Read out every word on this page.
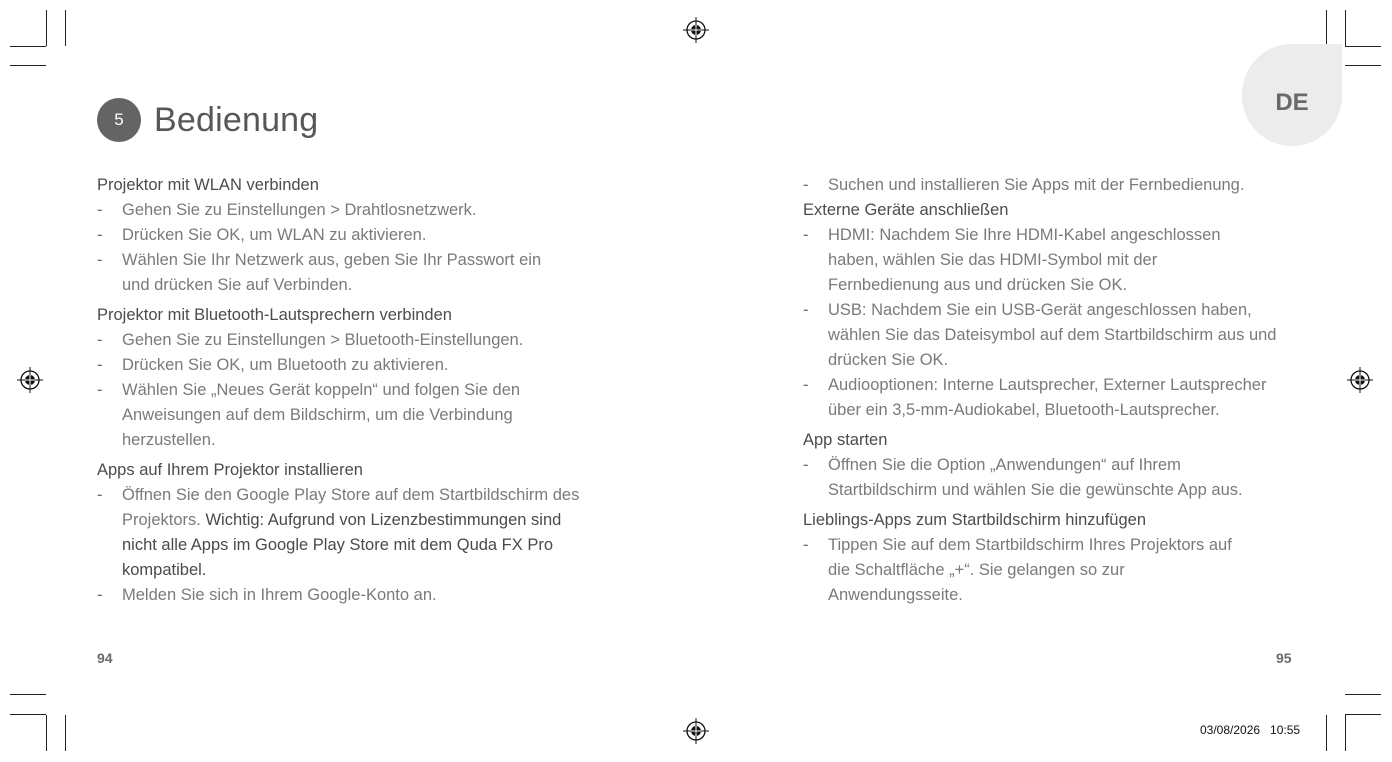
5 Bedienung	DE
Projektor mit WLAN verbinden
- Gehen Sie zu Einstellungen > Drahtlosnetzwerk.
- Drücken Sie OK, um WLAN zu aktivieren.
- Wählen Sie Ihr Netzwerk aus, geben Sie Ihr Passwort ein und drücken Sie auf Verbinden.
Projektor mit Bluetooth-Lautsprechern verbinden
- Gehen Sie zu Einstellungen > Bluetooth-Einstellungen.
- Drücken Sie OK, um Bluetooth zu aktivieren.
- Wählen Sie „Neues Gerät koppeln“ und folgen Sie den Anweisungen auf dem Bildschirm, um die Verbindung herzustellen.
Apps auf Ihrem Projektor installieren
- Öffnen Sie den Google Play Store auf dem Startbildschirm des Projektors. Wichtig: Aufgrund von Lizenzbestimmungen sind nicht alle Apps im Google Play Store mit dem Quda FX Pro kompatibel.
- Melden Sie sich in Ihrem Google-Konto an.
- Suchen und installieren Sie Apps mit der Fernbedienung.
Externe Geräte anschließen
- HDMI: Nachdem Sie Ihre HDMI-Kabel angeschlossen haben, wählen Sie das HDMI-Symbol mit der Fernbedienung aus und drücken Sie OK.
- USB: Nachdem Sie ein USB-Gerät angeschlossen haben, wählen Sie das Dateisymbol auf dem Startbildschirm aus und drücken Sie OK.
- Audiooptionen: Interne Lautsprecher, Externer Lautsprecher über ein 3,5-mm-Audiokabel, Bluetooth-Lautsprecher.
App starten
- Öffnen Sie die Option „Anwendungen“ auf Ihrem Startbildschirm und wählen Sie die gewünschte App aus.
Lieblings-Apps zum Startbildschirm hinzufügen
- Tippen Sie auf dem Startbildschirm Ihres Projektors auf die Schaltfläche „+“. Sie gelangen so zur Anwendungsseite.
94	95
03/08/2026   10:55
